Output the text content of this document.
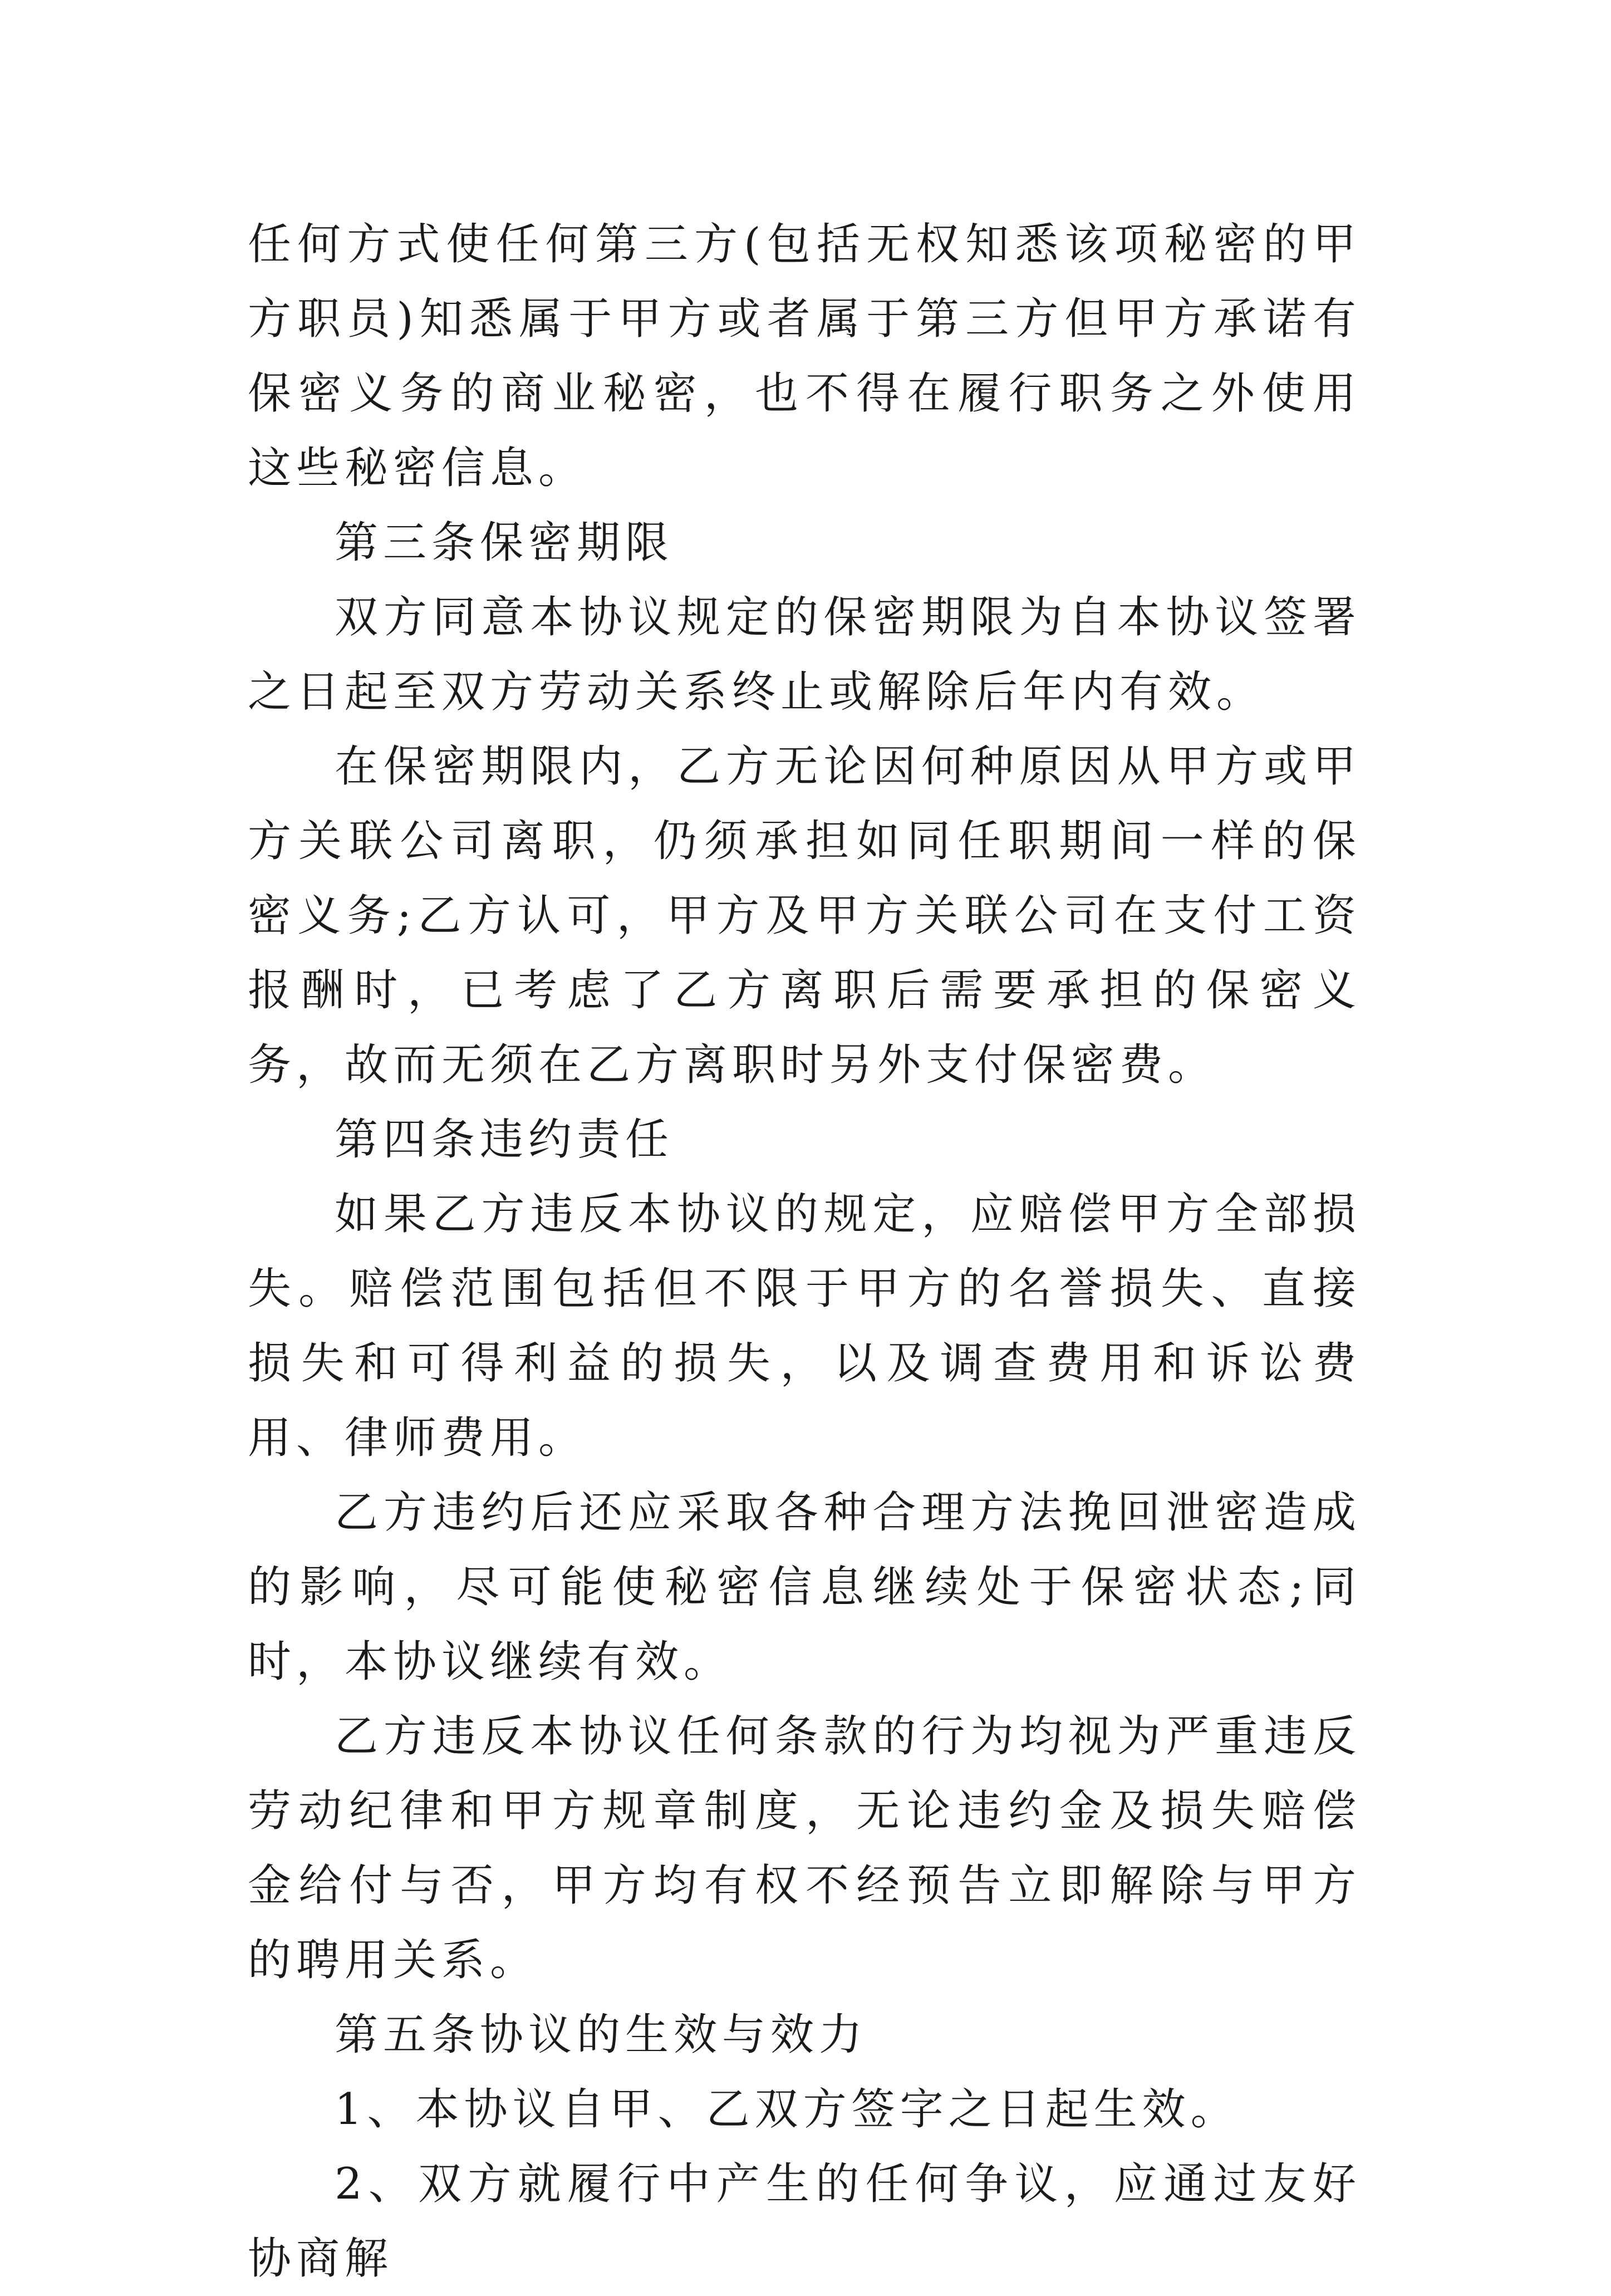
任何方式使任何第三方(包括无权知悉该项秘密的甲方职员)知悉属于甲方或者属于第三方但甲方承诺有保密义务的商业秘密，也不得在履行职务之外使用这些秘密信息。

第三条保密期限

双方同意本协议规定的保密期限为自本协议签署之日起至双方劳动关系终止或解除后年内有效。

在保密期限内，乙方无论因何种原因从甲方或甲方关联公司离职，仍须承担如同任职期间一样的保密义务;乙方认可，甲方及甲方关联公司在支付工资报酬时，已考虑了乙方离职后需要承担的保密义务，故而无须在乙方离职时另外支付保密费。

第四条违约责任

如果乙方违反本协议的规定，应赔偿甲方全部损失。赔偿范围包括但不限于甲方的名誉损失、直接损失和可得利益的损失，以及调查费用和诉讼费用、律师费用。

乙方违约后还应采取各种合理方法挽回泄密造成的影响，尽可能使秘密信息继续处于保密状态;同时，本协议继续有效。

乙方违反本协议任何条款的行为均视为严重违反劳动纪律和甲方规章制度，无论违约金及损失赔偿金给付与否，甲方均有权不经预告立即解除与甲方的聘用关系。

第五条协议的生效与效力

1、本协议自甲、乙双方签字之日起生效。

2、双方就履行中产生的任何争议，应通过友好协商解
